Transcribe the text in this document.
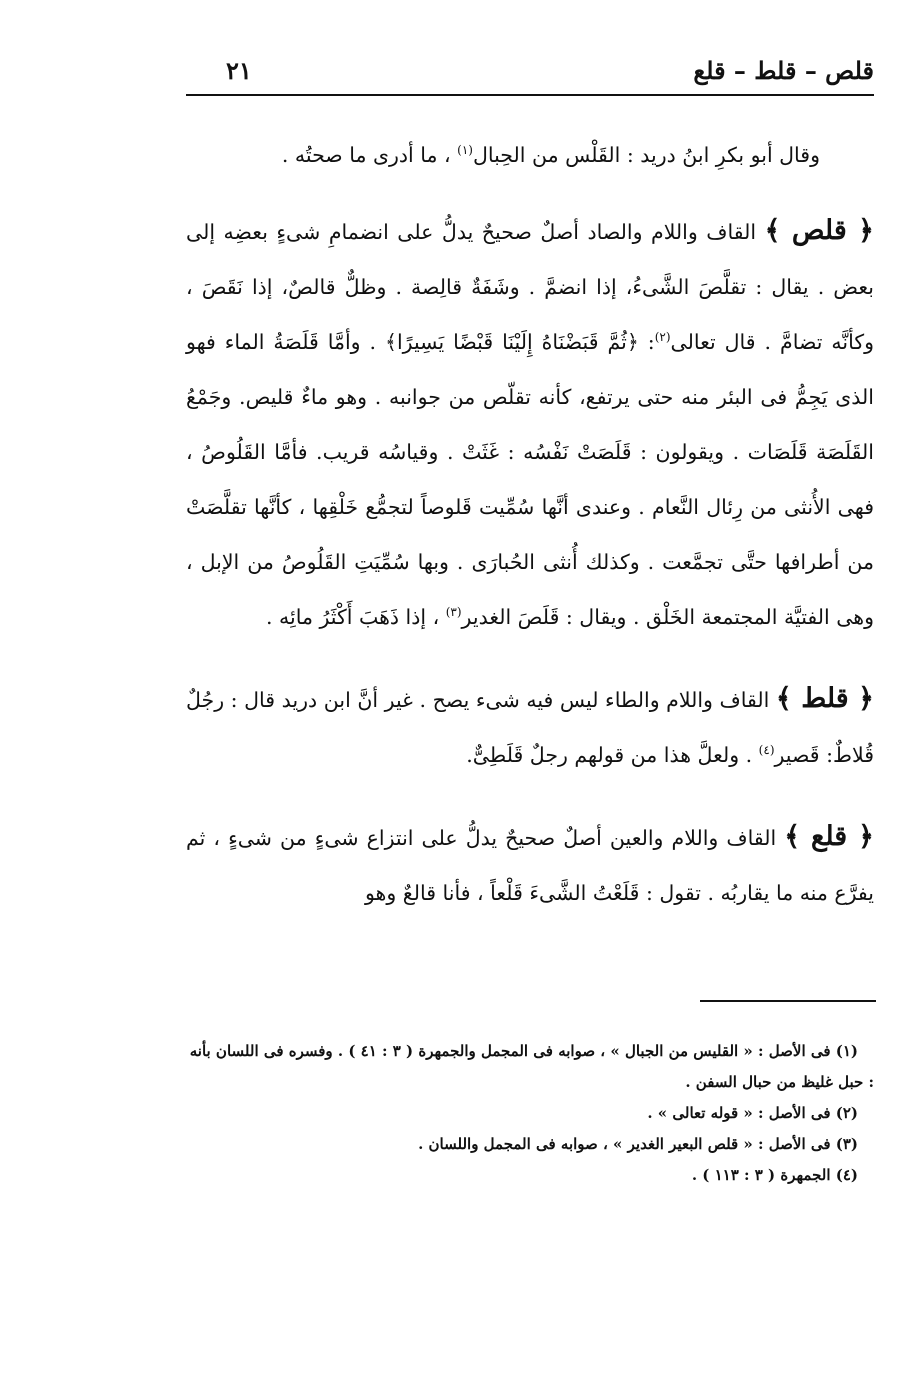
قلص – قلط – قلع
٢١

وقال أبو بكرِ ابنُ دريد : القَلْس من الحِبال$^{(١)}$ ، ما أدرى ما صحتُه .

﴿ قلص ﴾ القاف واللام والصاد أصلٌ صحيحٌ يدلُّ على انضمامِ شىءٍ بعضِه إلى بعض . يقال : تقلَّصَ الشَّىءُ، إذا انضمَّ . وشَفَةٌ قالِصة . وظلٌّ قالصٌ، إذا نَقَصَ ، وكأنَّه تضامَّ . قال تعالى$^{(٢)}$: ﴿ثُمَّ قَبَضْنَاهُ إِلَيْنَا قَبْضًا يَسِيرًا﴾ . وأمَّا قَلَصَةُ الماء فهو الذى يَجِمُّ فى البئر منه حتى يرتفع، كأنه تقلّص من جوانبه . وهو ماءٌ قليص. وجَمْعُ القَلَصَة قَلَصَات . ويقولون : قَلَصَتْ نَفْسُه : غَثَتْ . وقياسُه قريب. فأمَّا القَلُوصُ ، فهى الأُنثى من رِئال النَّعام . وعندى أنَّها سُمِّيت قَلوصاً لتجمُّع خَلْقِها ، كأنَّها تقلَّصَتْ من أطرافها حتَّى تجمَّعت . وكذلك أُنثى الحُبارَى . وبها سُمِّيَتِ القَلُوصُ من الإبل ، وهى الفتيَّة المجتمعة الخَلْق . ويقال : قَلَصَ الغدير$^{(٣)}$ ، إذا ذَهَبَ أَكْثَرُ مائِه .

﴿ قلط ﴾ القاف واللام والطاء ليس فيه شىء يصح . غير أنَّ ابن دريد قال : رجُلٌ قُلاطٌ: قَصير$^{(٤)}$ . ولعلَّ هذا من قولهم رجلٌ قَلَطِىٌّ.

﴿ قلع ﴾ القاف واللام والعين أصلٌ صحيحٌ يدلُّ على انتزاع شىءٍ من شىءٍ ، ثم يفرَّع منه ما يقاربُه . تقول : قَلَعْتُ الشَّىءَ قَلْعاً ، فأنا قالعٌ وهو

(١) فى الأصل : « القليس من الجبال » ، صوابه فى المجمل والجمهرة ( ٣ : ٤١ ) . وفسره فى اللسان بأنه : حبل غليظ من حبال السفن .

(٢) فى الأصل : « قوله تعالى » .

(٣) فى الأصل : « قلص البعير الغدير » ، صوابه فى المجمل واللسان .

(٤) الجمهرة ( ٣ : ١١٣ ) .
